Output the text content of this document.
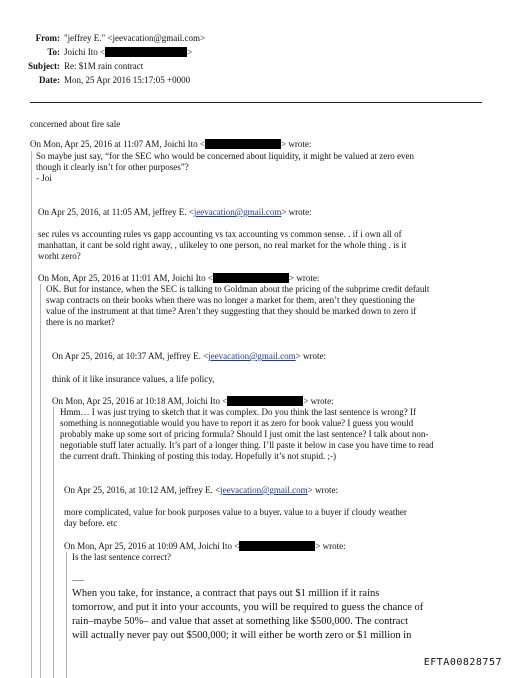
From: "jeffrey E." <jeevacation@gmail.com>
To: Joichi Ito <	>
Subject: Re: $1M rain contract
Date: Mon, 25 Apr 2016 15:17:05 +0000
concerned about fire sale
On Mon, Apr 25, 2016 at 11:07 AM, Joichi Ito <	> wrote:
So maybe just say, “for the SEC who would be concerned about liquidity, it might be valued at zero even
though it clearly isn’t for other purposes”?
- Joi
On Apr 25, 2016, at 11:05 AM, jeffrey E. <jeevacation@gmail.com> wrote:
sec rules vs accounting rules vs gapp accounting vs tax accounting vs common sense. . if i own all of
manhattan, it cant be sold right away, , ulikeley to one person, no real market for the whole thing . is it
worht zero?
On Mon, Apr 25, 2016 at 11:01 AM, Joichi Ito <	> wrote:
OK. But for instance, when the SEC is talking to Goldman about the pricing of the subprime credit default
swap contracts on their books when there was no longer a market for them, aren’t they questioning the
value of the instrument at that time? Aren’t they suggesting that they should be marked down to zero if
there is no market?
On Apr 25, 2016, at 10:37 AM, jeffrey E. <jeevacation@gmail.com> wrote:
think of it like insurance values, a life policy,
On Mon, Apr 25, 2016 at 10:18 AM, Joichi Ito <	> wrote:
Hmm… I was just trying to sketch that it was complex. Do you think the last sentence is wrong? If
something is nonnegotiable would you have to report it as zero for book value? I guess you would
probably make up some sort of pricing formula? Should I just omit the last sentence? I talk about non-
negotiable stuff later actually. It’s part of a longer thing. I’ll paste it below in case you have time to read
the current draft. Thinking of posting this today. Hopefully it’s not stupid. ;-)
On Apr 25, 2016, at 10:12 AM, jeffrey E. <jeevacation@gmail.com> wrote:
more complicated, value for book purposes value to a buyer. value to a buyer if cloudy weather
day before. etc
On Mon, Apr 25, 2016 at 10:09 AM, Joichi Ito <	> wrote:
Is the last sentence correct?
When you take, for instance, a contract that pays out $1 million if it rains
tomorrow, and put it into your accounts, you will be required to guess the chance of
rain–maybe 50%– and value that asset at something like $500,000. The contract
will actually never pay out $500,000; it will either be worth zero or $1 million in
EFTA00828757
